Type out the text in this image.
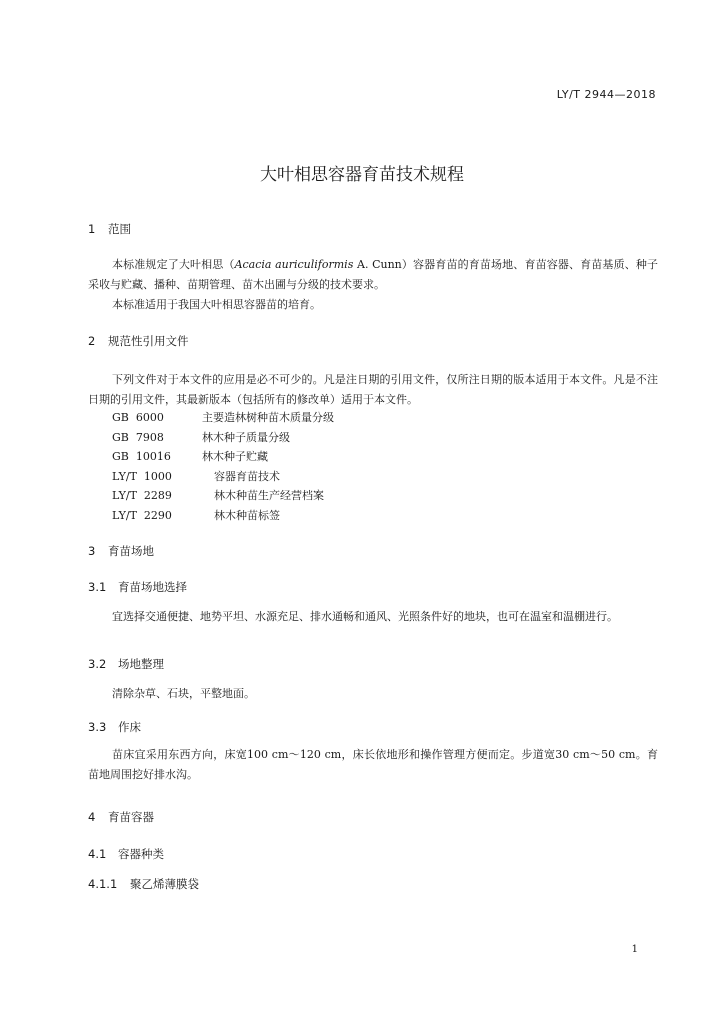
LY/T 2944—2018
大叶相思容器育苗技术规程
1 范围
本标准规定了大叶相思（Acacia auriculiformis A. Cunn）容器育苗的育苗场地、育苗容器、育苗基质、种子采收与贮藏、播种、苗期管理、苗木出圃与分级的技术要求。
本标准适用于我国大叶相思容器苗的培育。
2 规范性引用文件
下列文件对于本文件的应用是必不可少的。凡是注日期的引用文件，仅所注日期的版本适用于本文件。凡是不注日期的引用文件，其最新版本（包括所有的修改单）适用于本文件。
GB  6000	主要造林树种苗木质量分级
GB  7908	林木种子质量分级
GB  10016	林木种子贮藏
LY/T  1000	容器育苗技术
LY/T  2289	林木种苗生产经营档案
LY/T  2290	林木种苗标签
3 育苗场地
3.1 育苗场地选择
宜选择交通便捷、地势平坦、水源充足、排水通畅和通风、光照条件好的地块，也可在温室和温棚进行。
3.2 场地整理
清除杂草、石块，平整地面。
3.3 作床
苗床宜采用东西方向，床宽100 cm～120 cm，床长依地形和操作管理方便而定。步道宽30 cm～50 cm。育苗地周围挖好排水沟。
4 育苗容器
4.1 容器种类
4.1.1 聚乙烯薄膜袋
1
